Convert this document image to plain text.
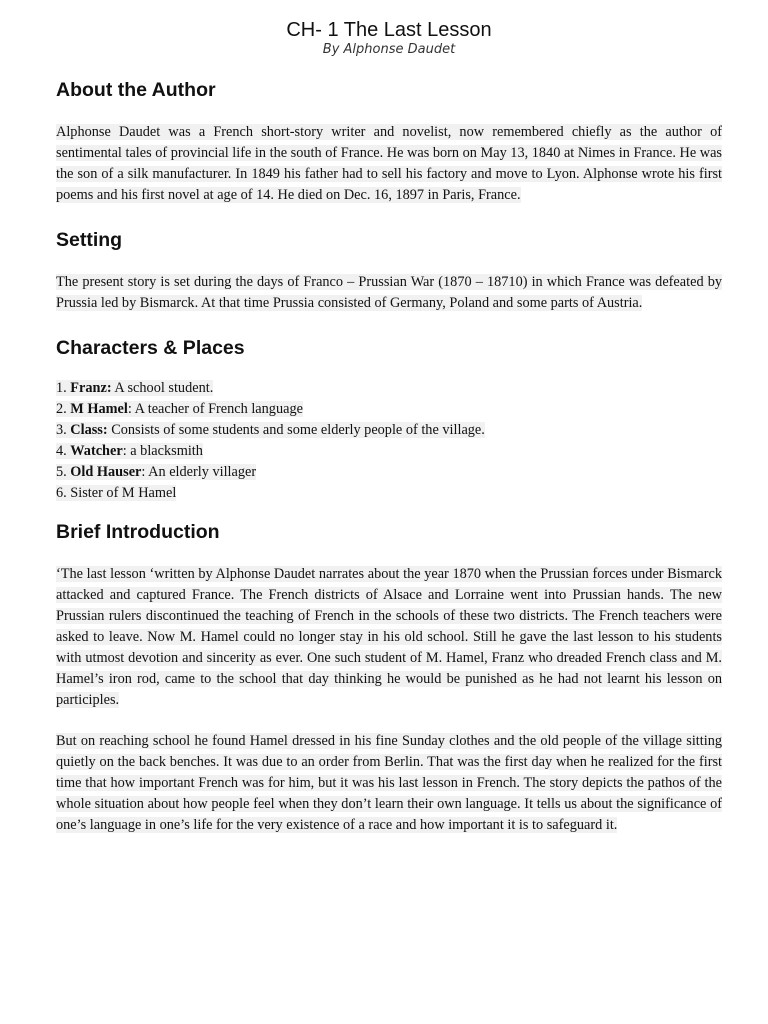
CH- 1 The Last Lesson
By Alphonse Daudet
About the Author

Alphonse Daudet was a French short-story writer and novelist, now remembered chiefly as the author of sentimental tales of provincial life in the south of France. He was born on May 13, 1840 at Nimes in France. He was the son of a silk manufacturer. In 1849 his father had to sell his factory and move to Lyon. Alphonse wrote his first poems and his first novel at age of 14. He died on Dec. 16, 1897 in Paris, France.

Setting

The present story is set during the days of Franco – Prussian War (1870 – 18710) in which France was defeated by Prussia led by Bismarck. At that time Prussia consisted of Germany, Poland and some parts of Austria.

Characters & Places
1. Franz: A school student.
2. M Hamel: A teacher of French language
3. Class: Consists of some students and some elderly people of the village.
4. Watcher: a blacksmith
5. Old Hauser: An elderly villager
6. Sister of M Hamel
Brief Introduction

‘The last lesson ‘written by Alphonse Daudet narrates about the year 1870 when the Prussian forces under Bismarck attacked and captured France. The French districts of Alsace and Lorraine went into Prussian hands. The new Prussian rulers discontinued the teaching of French in the schools of these two districts. The French teachers were asked to leave. Now M. Hamel could no longer stay in his old school. Still he gave the last lesson to his students with utmost devotion and sincerity as ever. One such student of M. Hamel, Franz who dreaded French class and M. Hamel’s iron rod, came to the school that day thinking he would be punished as he had not learnt his lesson on participles.

But on reaching school he found Hamel dressed in his fine Sunday clothes and the old people of the village sitting quietly on the back benches. It was due to an order from Berlin. That was the first day when he realized for the first time that how important French was for him, but it was his last lesson in French. The story depicts the pathos of the whole situation about how people feel when they don’t learn their own language. It tells us about the significance of one’s language in one’s life for the very existence of a race and how important it is to safeguard it.
